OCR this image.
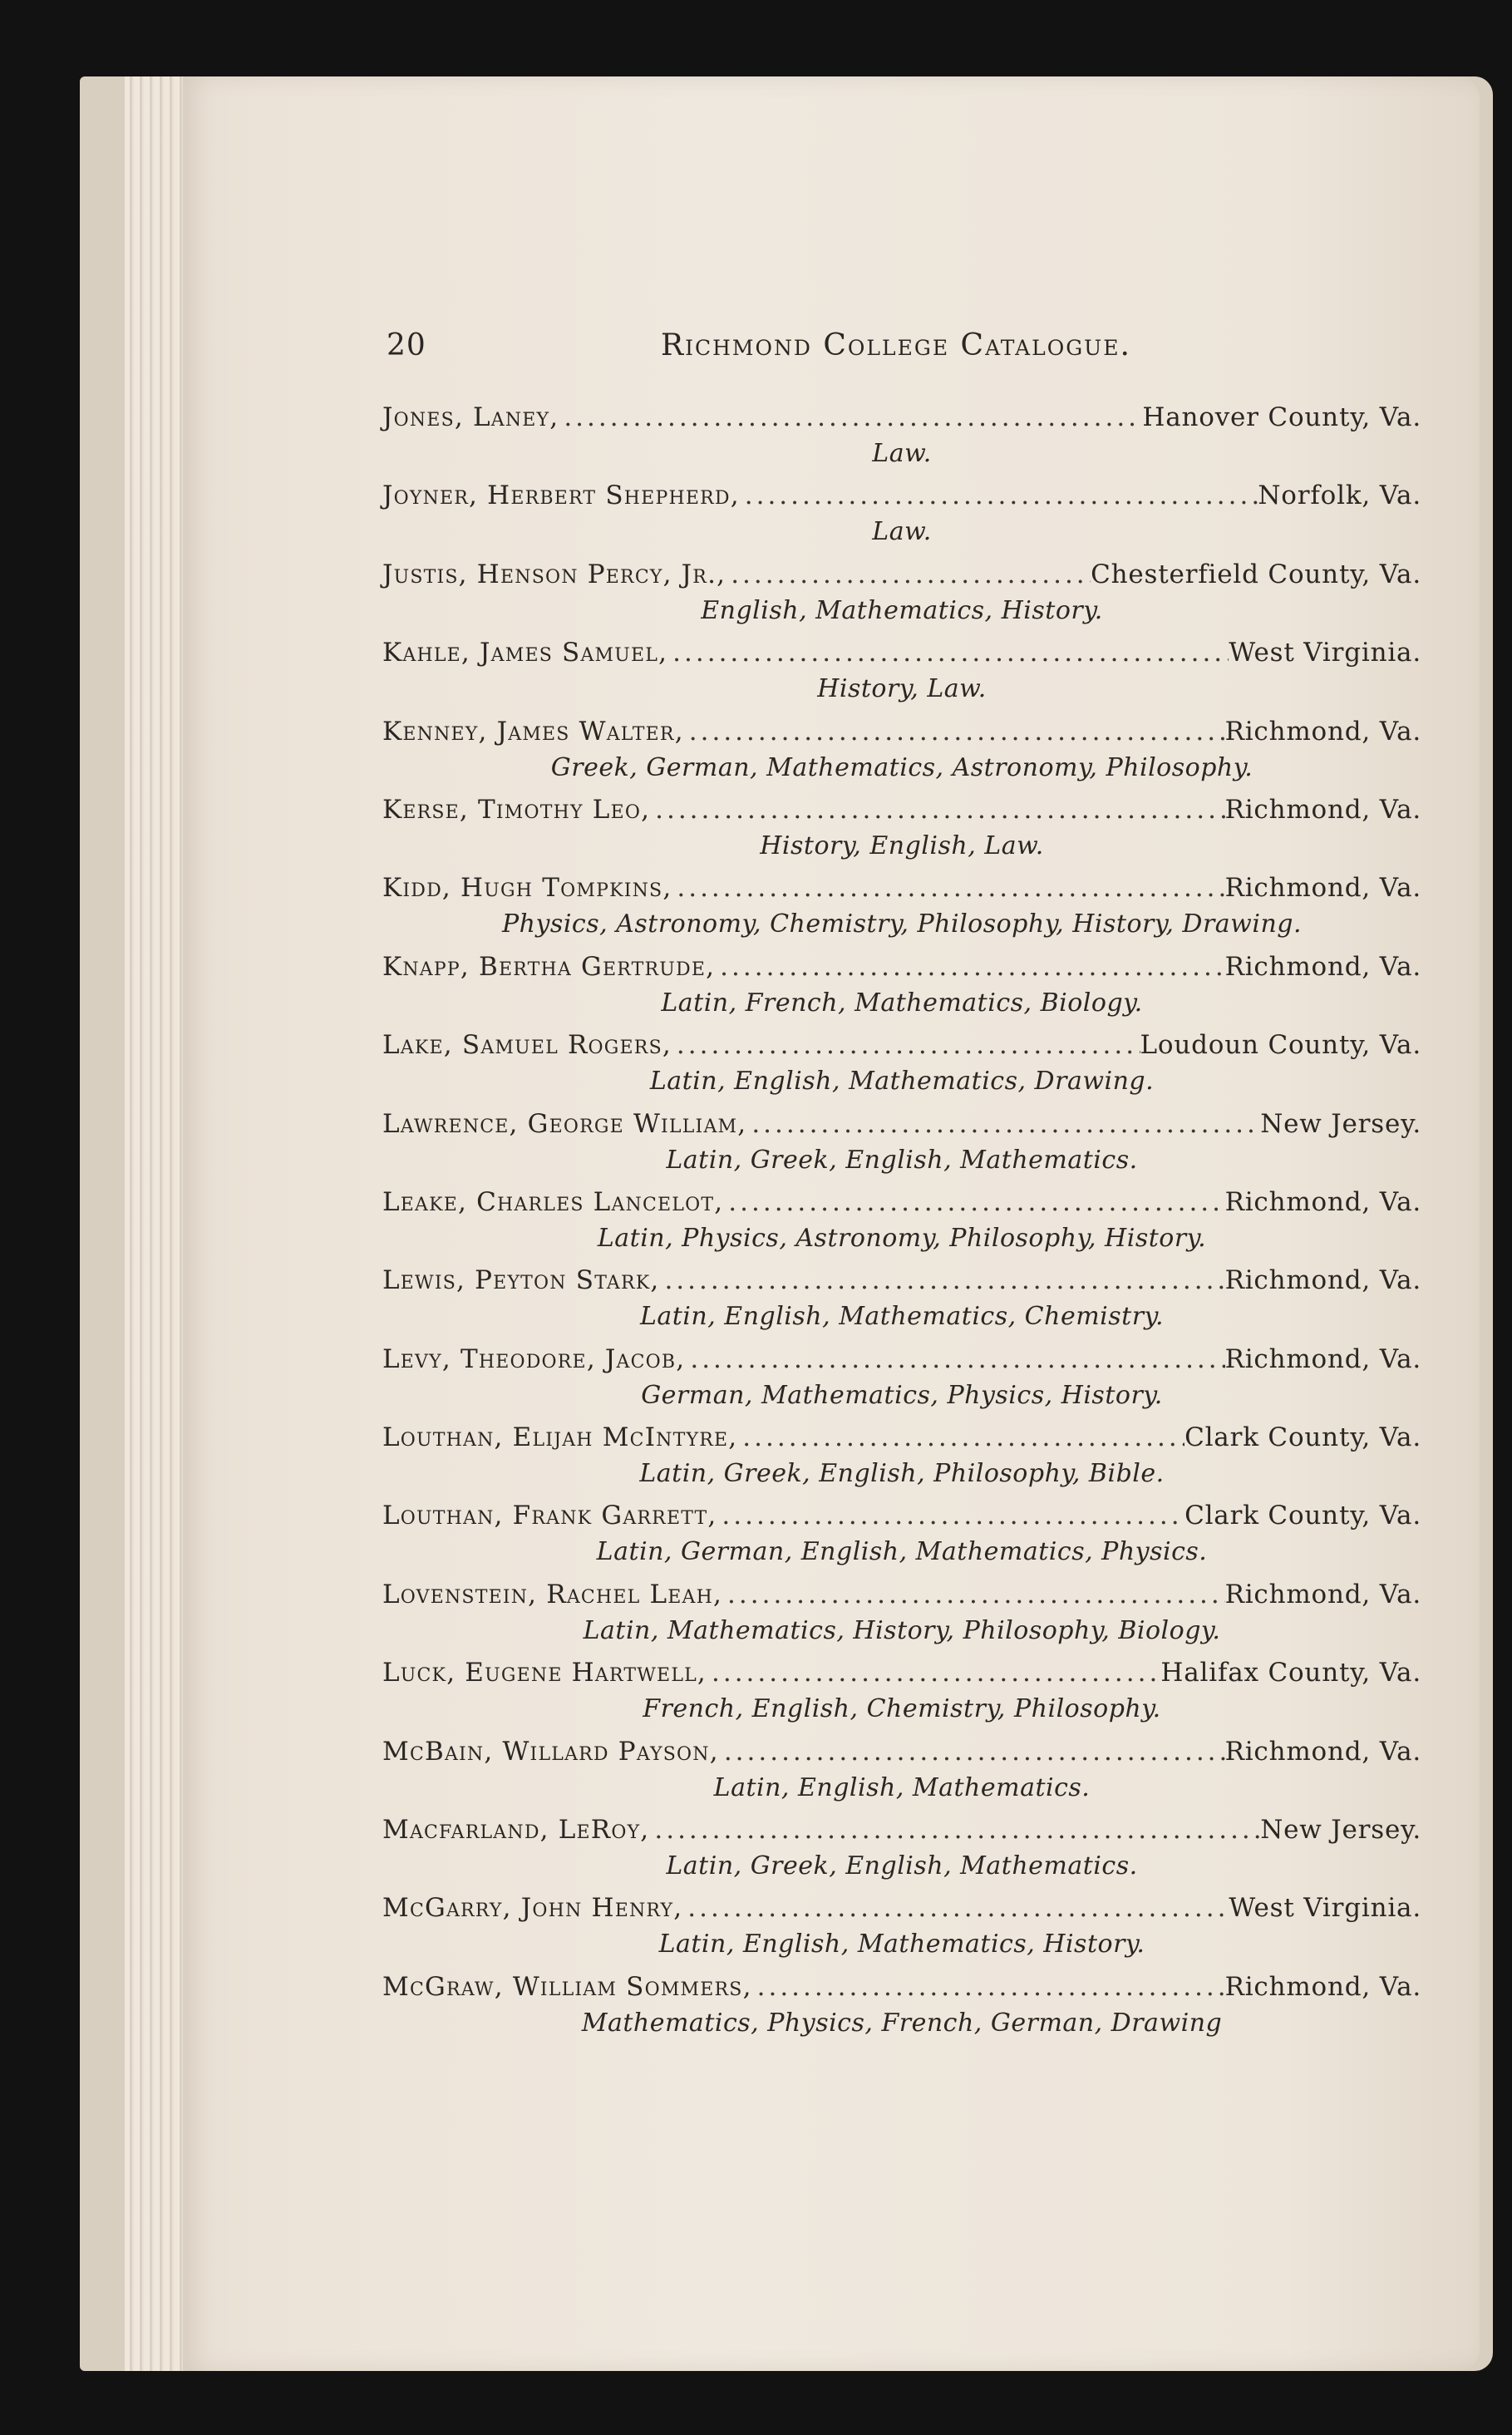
20	Richmond College Catalogue.
Jones, Laney, .....	Hanover County, Va.
Law.
Joyner, Herbert Shepherd, .....	Norfolk, Va.
Law.
Justis, Henson Percy, Jr., .....	Chesterfield County, Va.
English, Mathematics, History.
Kahle, James Samuel, .....	West Virginia.
History, Law.
Kenney, James Walter, .....	Richmond, Va.
Greek, German, Mathematics, Astronomy, Philosophy.
Kerse, Timothy Leo, .....	Richmond, Va.
History, English, Law.
Kidd, Hugh Tompkins, .....	Richmond, Va.
Physics, Astronomy, Chemistry, Philosophy, History, Drawing.
Knapp, Bertha Gertrude, .....	Richmond, Va.
Latin, French, Mathematics, Biology.
Lake, Samuel Rogers, .....	Loudoun County, Va.
Latin, English, Mathematics, Drawing.
Lawrence, George William, .....	New Jersey.
Latin, Greek, English, Mathematics.
Leake, Charles Lancelot, .....	Richmond, Va.
Latin, Physics, Astronomy, Philosophy, History.
Lewis, Peyton Stark, .....	Richmond, Va.
Latin, English, Mathematics, Chemistry.
Levy, Theodore, Jacob, .....	Richmond, Va.
German, Mathematics, Physics, History.
Louthan, Elijah McIntyre, .....	Clark County, Va.
Latin, Greek, English, Philosophy, Bible.
Louthan, Frank Garrett, .....	Clark County, Va.
Latin, German, English, Mathematics, Physics.
Lovenstein, Rachel Leah, .....	Richmond, Va.
Latin, Mathematics, History, Philosophy, Biology.
Luck, Eugene Hartwell, .....	Halifax County, Va.
French, English, Chemistry, Philosophy.
McBain, Willard Payson, .....	Richmond, Va.
Latin, English, Mathematics.
Macfarland, LeRoy, .....	New Jersey.
Latin, Greek, English, Mathematics.
McGarry, John Henry, .....	West Virginia.
Latin, English, Mathematics, History.
McGraw, William Sommers, .....	Richmond, Va.
Mathematics, Physics, French, German, Drawing
